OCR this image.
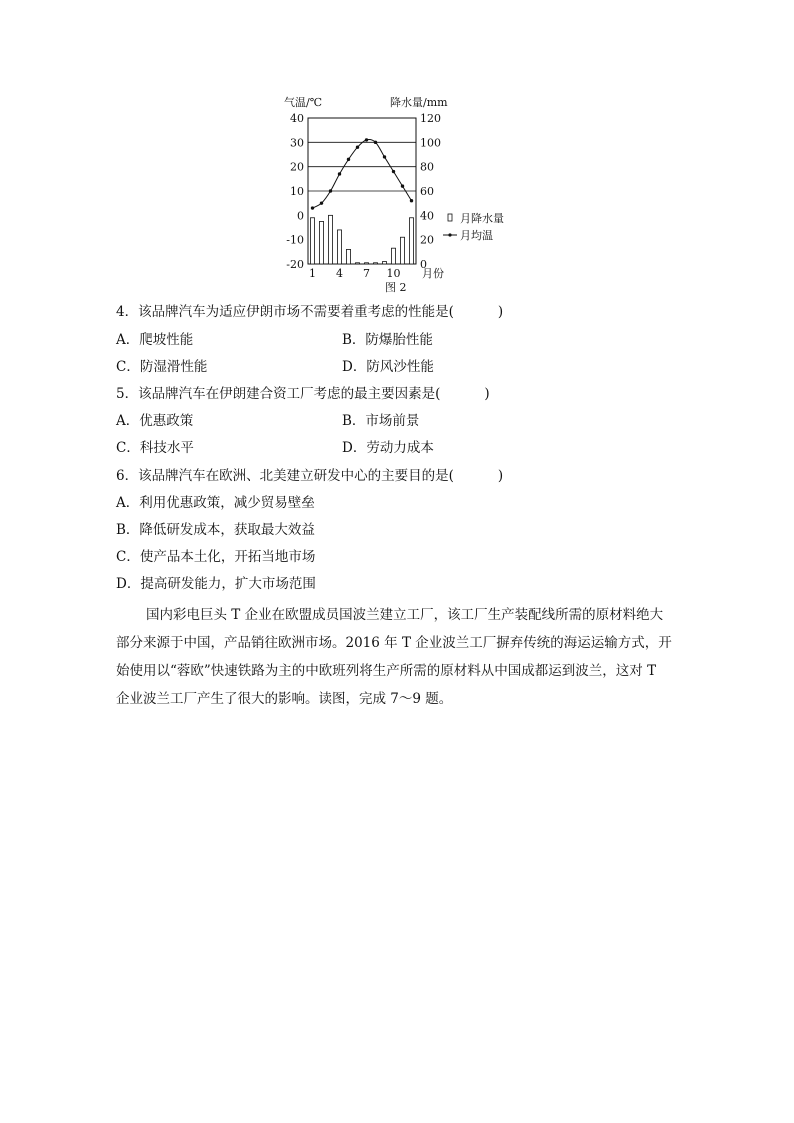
气温/℃	降水量/mm
40
30
20
10
0
-10
-20
120
100
80
60
40
20
0
1 4 7 10 月份
月降水量
月均温
图 2
4．该品牌汽车为适应伊朗市场不需要着重考虑的性能是(	)
A．爬坡性能	B．防爆胎性能
C．防湿滑性能	D．防风沙性能
5．该品牌汽车在伊朗建合资工厂考虑的最主要因素是(	)
A．优惠政策	B．市场前景
C．科技水平	D．劳动力成本
6．该品牌汽车在欧洲、北美建立研发中心的主要目的是(	)
A．利用优惠政策，减少贸易壁垒
B．降低研发成本，获取最大效益
C．使产品本土化，开拓当地市场
D．提高研发能力，扩大市场范围

国内彩电巨头 T 企业在欧盟成员国波兰建立工厂，该工厂生产装配线所需的原材料绝大

部分来源于中国，产品销往欧洲市场。2016 年 T 企业波兰工厂摒弃传统的海运运输方式，开

始使用以“蓉欧”快速铁路为主的中欧班列将生产所需的原材料从中国成都运到波兰，这对 T

企业波兰工厂产生了很大的影响。读图，完成 7～9 题。
